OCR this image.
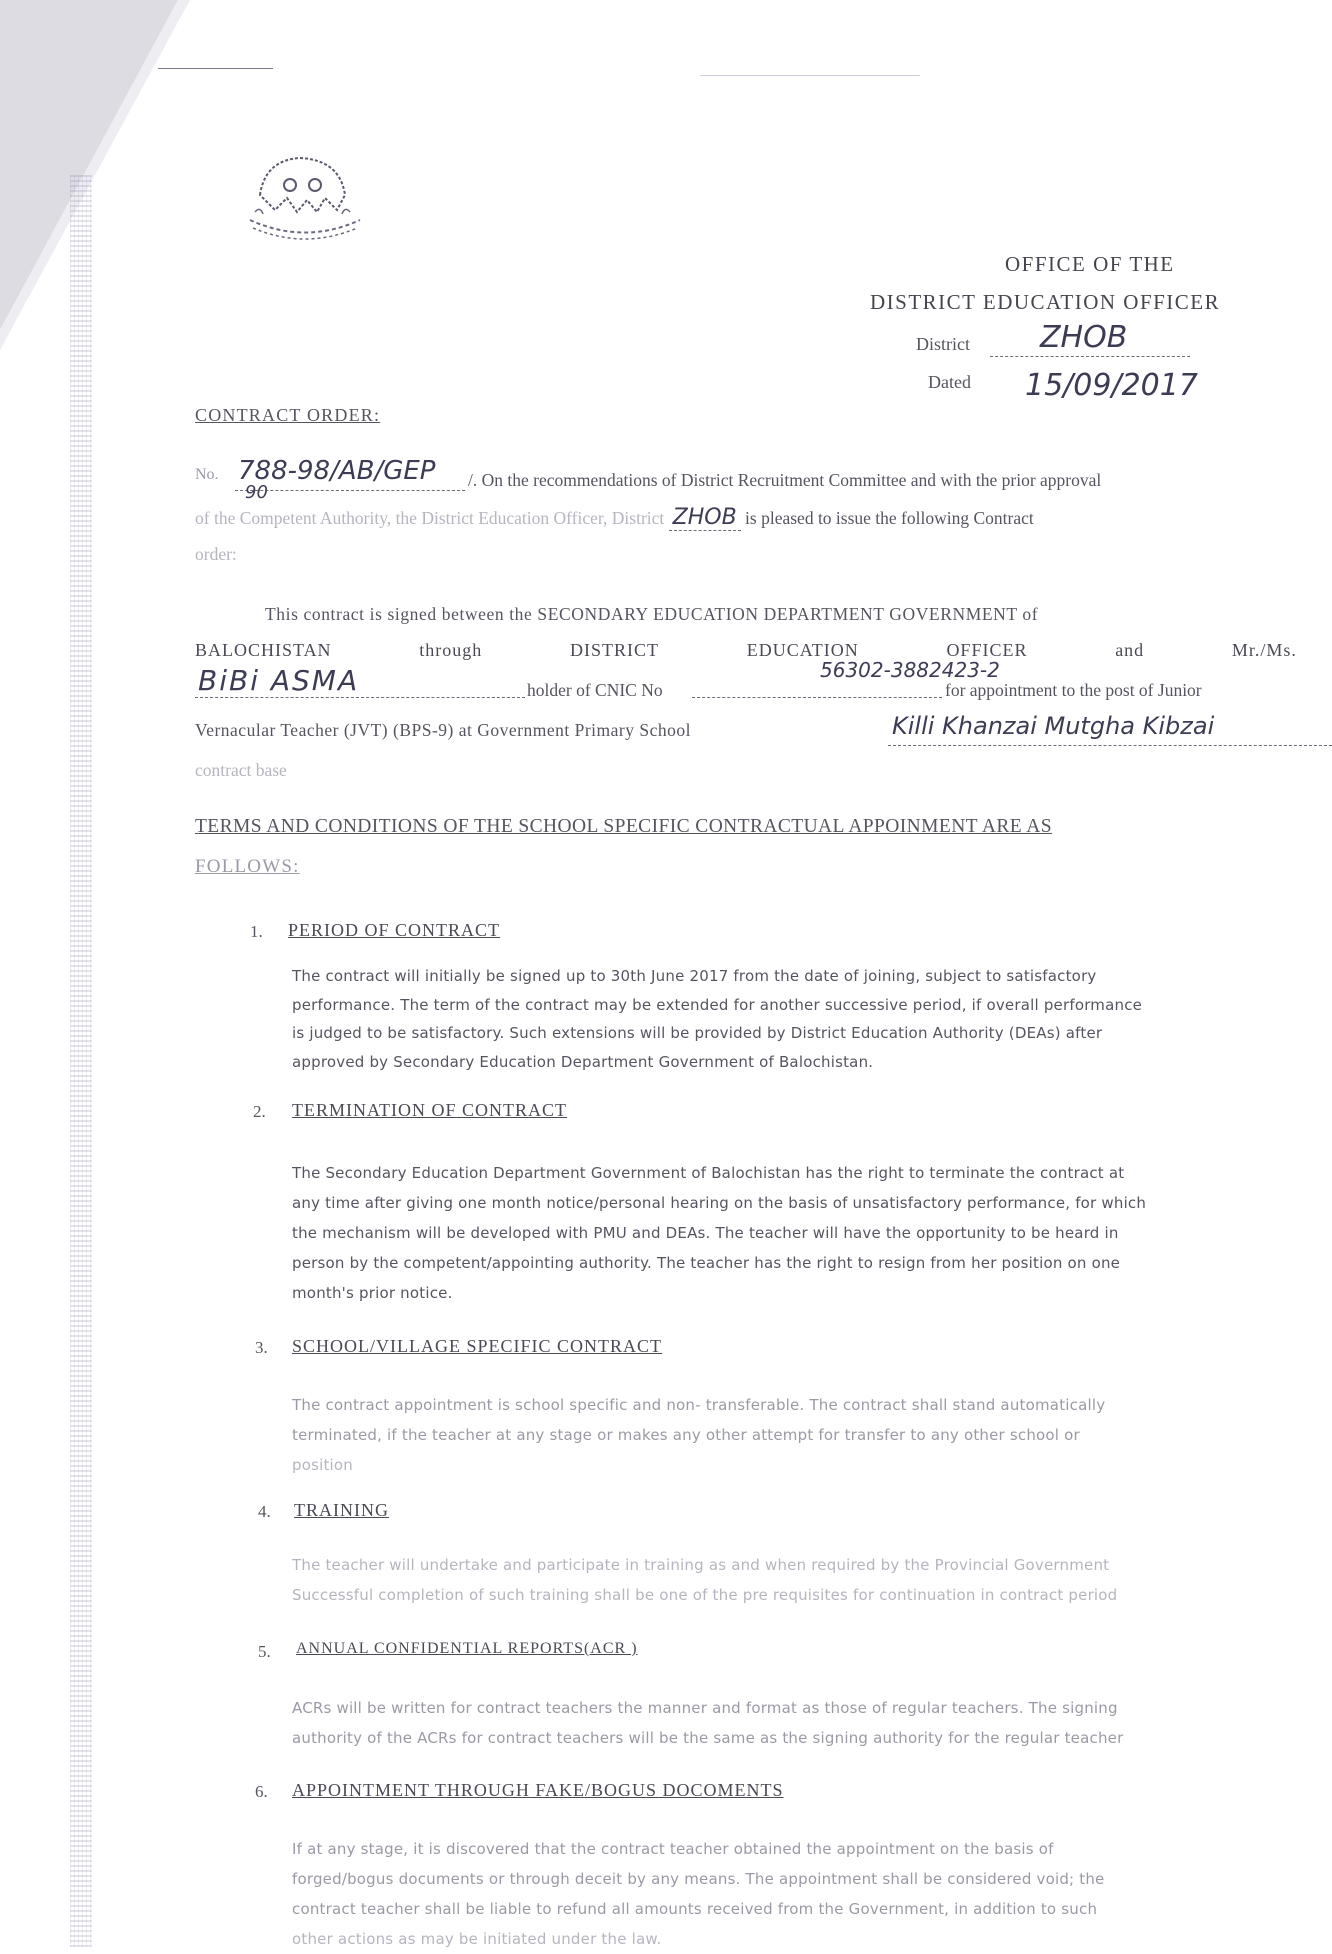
OFFICE OF THE
DISTRICT EDUCATION OFFICER
District ZHOB
Dated 15/09/2017
CONTRACT ORDER:
No. 788-98/AB/GEP
90
/. On the recommendations of District Recruitment Committee and with the prior approval
of the Competent Authority, the District Education Officer, District ZHOB is pleased to issue the following Contract
order:
This contract is signed between the SECONDARY EDUCATION DEPARTMENT GOVERNMENT of
BALOCHISTAN	through	DISTRICT	EDUCATION	OFFICER	and	Mr./Ms.
BiBi ASMA	holder of CNIC No
56302-3882423-2
for appointment to the post of Junior
Vernacular Teacher (JVT) (BPS-9) at Government Primary School	Killi Khanzai Mutgha Kibzai
contract base
TERMS AND CONDITIONS OF THE SCHOOL SPECIFIC CONTRACTUAL APPOINMENT ARE AS
FOLLOWS:
1. PERIOD OF CONTRACT
The contract will initially be signed up to 30th June 2017 from the date of joining, subject to satisfactory
performance. The term of the contract may be extended for another successive period, if overall performance
is judged to be satisfactory. Such extensions will be provided by District Education Authority (DEAs) after
approved by Secondary Education Department Government of Balochistan.
2. TERMINATION OF CONTRACT
The Secondary Education Department Government of Balochistan has the right to terminate the contract at
any time after giving one month notice/personal hearing on the basis of unsatisfactory performance, for which
the mechanism will be developed with PMU and DEAs. The teacher will have the opportunity to be heard in
person by the competent/appointing authority. The teacher has the right to resign from her position on one
month's prior notice.
3. SCHOOL/VILLAGE SPECIFIC CONTRACT
The contract appointment is school specific and non- transferable. The contract shall stand automatically
terminated, if the teacher at any stage or makes any other attempt for transfer to any other school or
position
4. TRAINING
The teacher will undertake and participate in training as and when required by the Provincial Government
Successful completion of such training shall be one of the pre requisites for continuation in contract period
5. ANNUAL CONFIDENTIAL REPORTS(ACR )
ACRs will be written for contract teachers the manner and format as those of regular teachers. The signing
authority of the ACRs for contract teachers will be the same as the signing authority for the regular teacher
6. APPOINTMENT THROUGH FAKE/BOGUS DOCOMENTS
If at any stage, it is discovered that the contract teacher obtained the appointment on the basis of
forged/bogus documents or through deceit by any means. The appointment shall be considered void; the
contract teacher shall be liable to refund all amounts received from the Government, in addition to such
other actions as may be initiated under the law.
